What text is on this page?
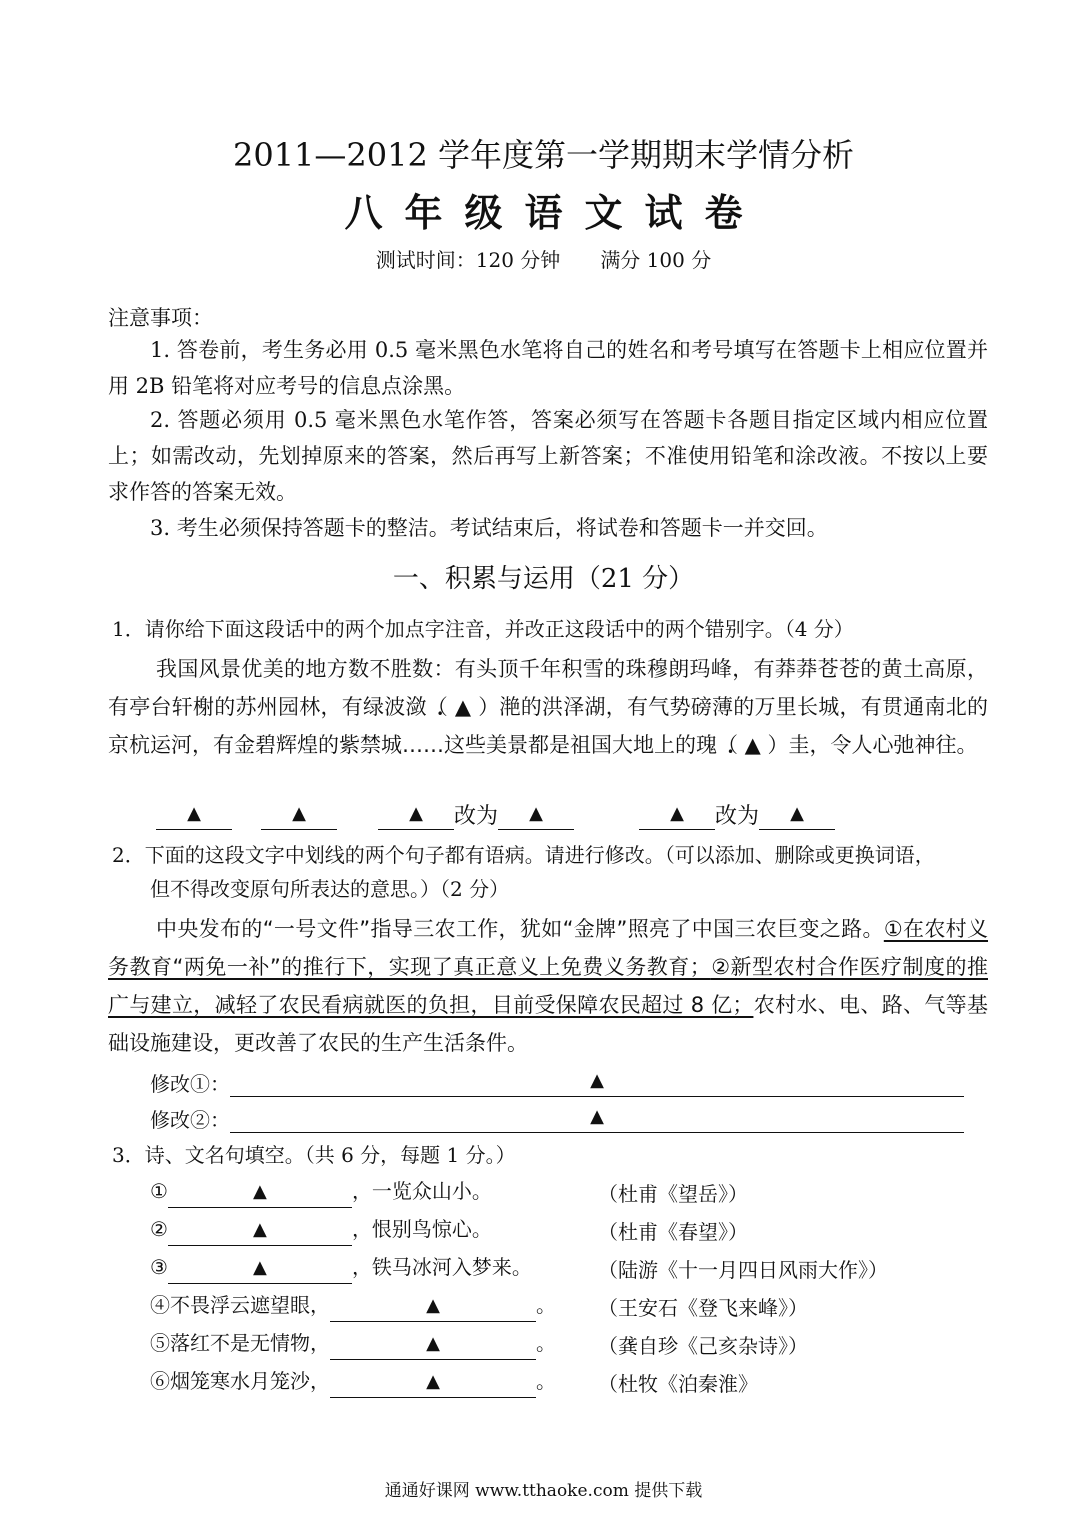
2011—2012 学年度第一学期期末学情分析
八年级语文试卷
测试时间：120 分钟 满分 100 分
注意事项：
1. 答卷前，考生务必用 0.5 毫米黑色水笔将自己的姓名和考号填写在答题卡上相应位置并用 2B 铅笔将对应考号的信息点涂黑。
2. 答题必须用 0.5 毫米黑色水笔作答，答案必须写在答题卡各题目指定区域内相应位置上；如需改动，先划掉原来的答案，然后再写上新答案；不准使用铅笔和涂改液。不按以上要求作答的答案无效。
3. 考生必须保持答题卡的整洁。考试结束后，将试卷和答题卡一并交回。
一、积累与运用（21 分）
1．请你给下面这段话中的两个加点字注音，并改正这段话中的两个错别字。（4 分）
我国风景优美的地方数不胜数：有头顶千年积雪的珠穆朗玛峰，有莽莽苍苍的黄土高原，有亭台轩榭的苏州园林，有绿波潋（ ▲ ）滟的洪泽湖，有气势磅薄的万里长城，有贯通南北的京杭运河，有金碧辉煌的紫禁城……这些美景都是祖国大地上的瑰（ ▲ ）圭，令人心弛神往。
▲	▲	▲ 改为 ▲	▲ 改为 ▲
2．下面的这段文字中划线的两个句子都有语病。请进行修改。（可以添加、删除或更换词语，
但不得改变原句所表达的意思。）（2 分）
中央发布的“一号文件”指导三农工作，犹如“金牌”照亮了中国三农巨变之路。①在农村义务教育“两免一补”的推行下，实现了真正意义上免费义务教育；②新型农村合作医疗制度的推广与建立，减轻了农民看病就医的负担，目前受保障农民超过 8 亿；农村水、电、路、气等基础设施建设，更改善了农民的生产生活条件。
修改①：	▲
修改②：	▲
3．诗、文名句填空。（共 6 分，每题 1 分。）
①	▲	，一览众山小。	（杜甫《望岳》）
②	▲	，恨别鸟惊心。	（杜甫《春望》）
③	▲	，铁马冰河入梦来。	（陆游《十一月四日风雨大作》）
④不畏浮云遮望眼，	▲	。 （王安石《登飞来峰》）
⑤落红不是无情物，	▲	。 （龚自珍《己亥杂诗》）
⑥烟笼寒水月笼沙，	▲	。 （杜牧《泊秦淮》
通通好课网 www.tthaoke.com 提供下载
